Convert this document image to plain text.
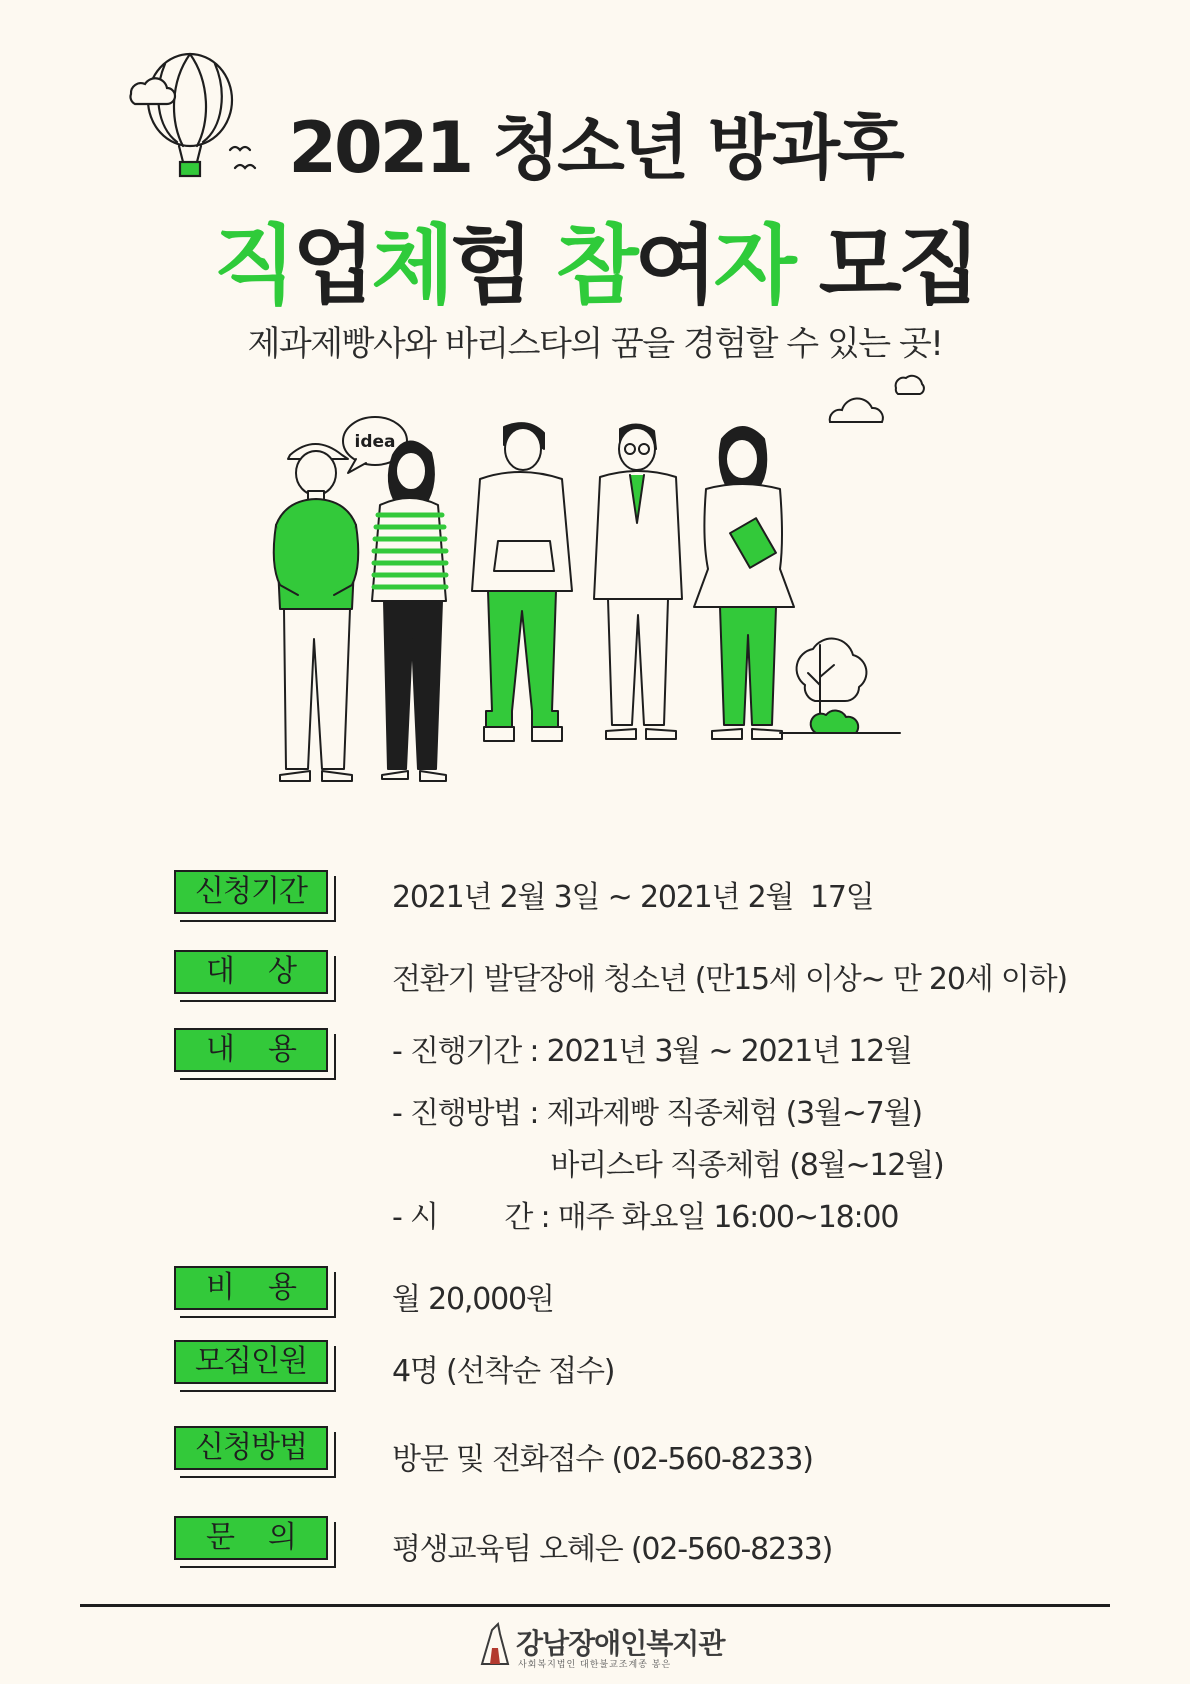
2021 청소년 방과후
직업체험 참여자 모집
제과제빵사와 바리스타의 꿈을 경험할 수 있는 곳!
idea
신청기간	2021년 2월 3일 ~ 2021년 2월  17일
대    상	전환기 발달장애 청소년 (만15세 이상~ 만 20세 이하)
내    용	- 진행기간 : 2021년 3월 ~ 2021년 12월
- 진행방법 : 제과제빵 직종체험 (3월~7월)
바리스타 직종체험 (8월~12월)
- 시        간 : 매주 화요일 16:00~18:00
비    용	월 20,000원
모집인원	4명 (선착순 접수)
신청방법	방문 및 전화접수 (02-560-8233)
문    의	평생교육팀 오혜은 (02-560-8233)
강남장애인복지관
사회복지법인 대한불교조계종 봉은
